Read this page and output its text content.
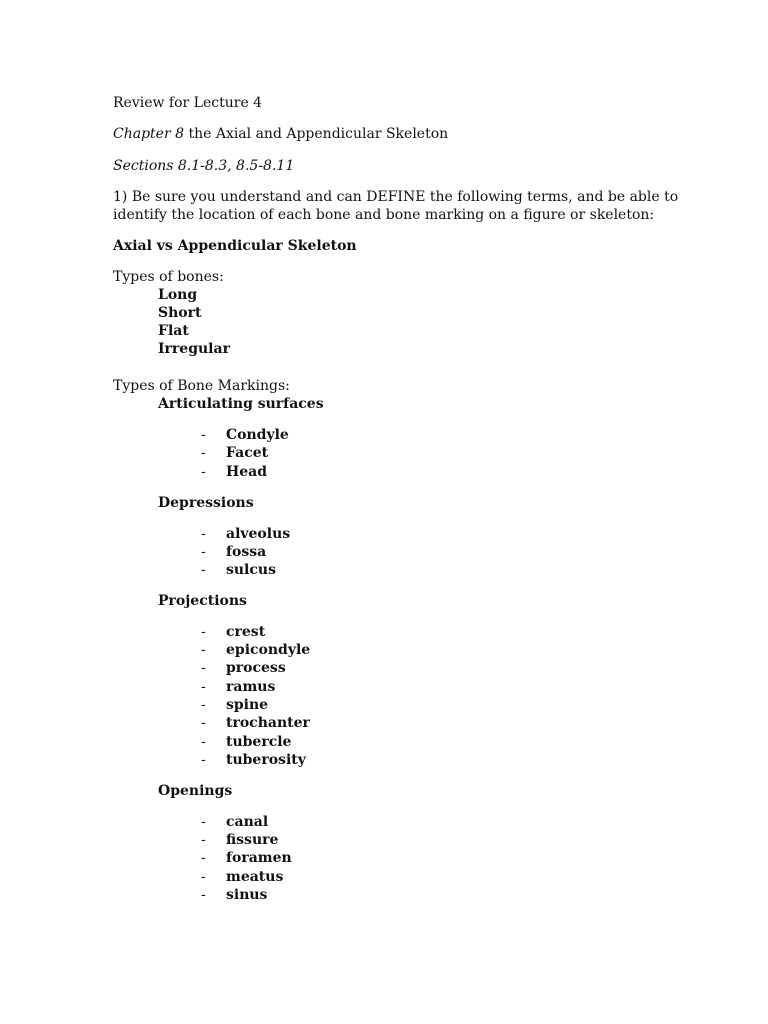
Review for Lecture 4
Chapter 8 the Axial and Appendicular Skeleton
Sections 8.1-8.3, 8.5-8.11
1) Be sure you understand and can DEFINE the following terms, and be able to
identify the location of each bone and bone marking on a figure or skeleton:
Axial vs Appendicular Skeleton
Types of bones:
Long
Short
Flat
Irregular
Types of Bone Markings:
Articulating surfaces
- Condyle
- Facet
- Head
Depressions
- alveolus
- fossa
- sulcus
Projections
- crest
- epicondyle
- process
- ramus
- spine
- trochanter
- tubercle
- tuberosity
Openings
- canal
- fissure
- foramen
- meatus
- sinus
